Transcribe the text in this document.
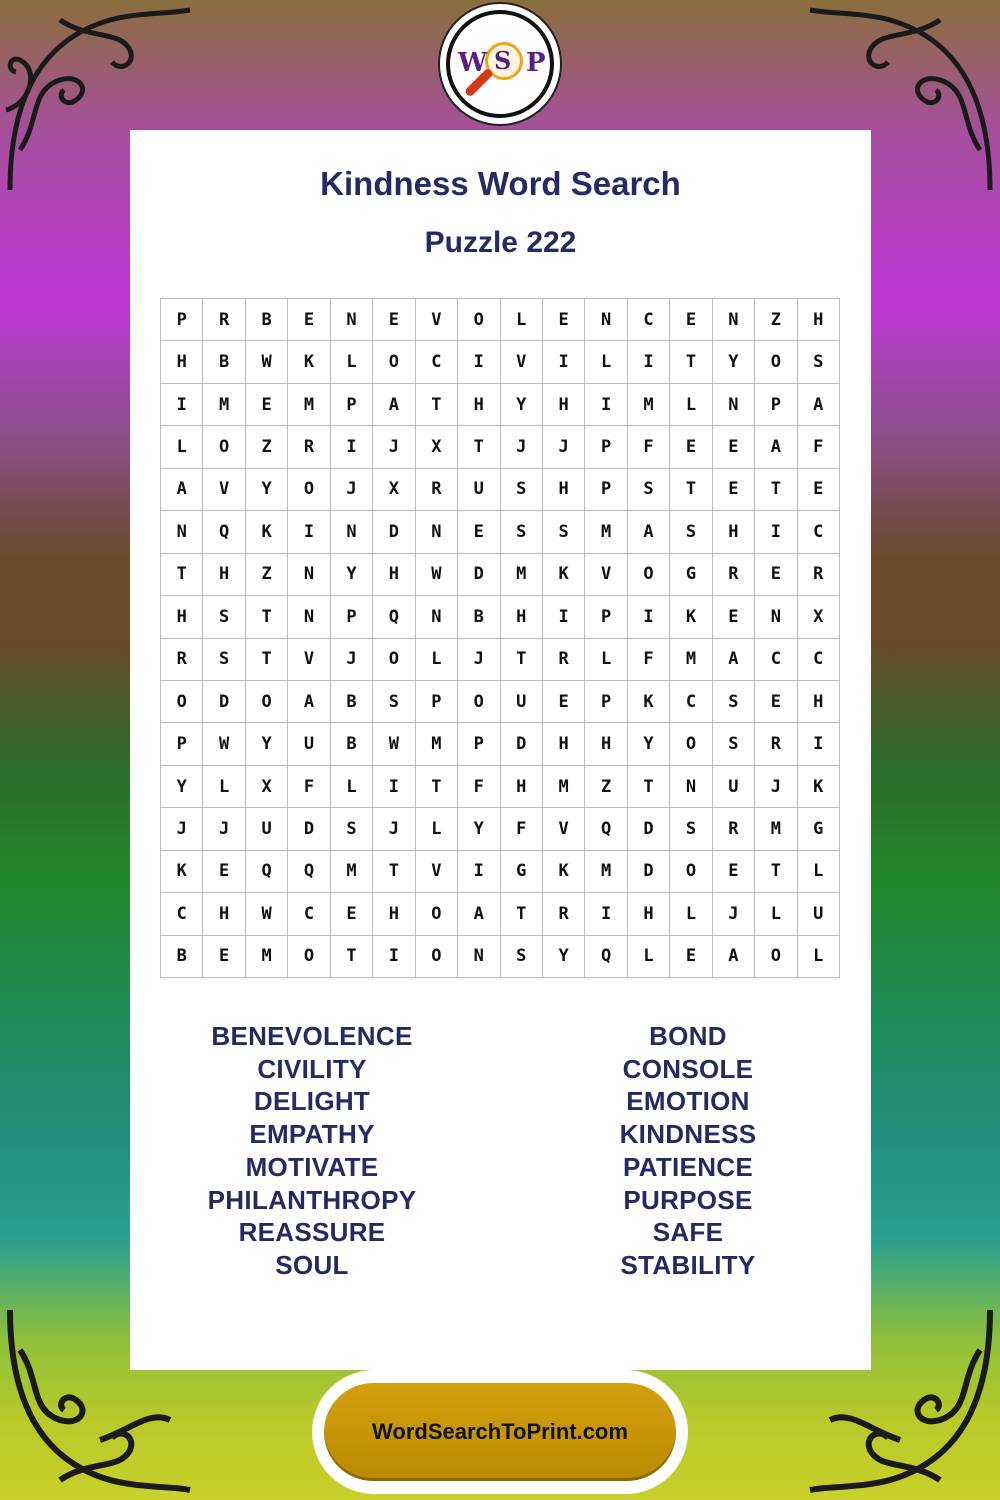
W S P
Kindness Word Search
Puzzle 222
P	R	B	E	N	E	V	O	L	E	N	C	E	N	Z	H
H	B	W	K	L	O	C	I	V	I	L	I	T	Y	O	S
I	M	E	M	P	A	T	H	Y	H	I	M	L	N	P	A
L	O	Z	R	I	J	X	T	J	J	P	F	E	E	A	F
A	V	Y	O	J	X	R	U	S	H	P	S	T	E	T	E
N	Q	K	I	N	D	N	E	S	S	M	A	S	H	I	C
T	H	Z	N	Y	H	W	D	M	K	V	O	G	R	E	R
H	S	T	N	P	Q	N	B	H	I	P	I	K	E	N	X
R	S	T	V	J	O	L	J	T	R	L	F	M	A	C	C
O	D	O	A	B	S	P	O	U	E	P	K	C	S	E	H
P	W	Y	U	B	W	M	P	D	H	H	Y	O	S	R	I
Y	L	X	F	L	I	T	F	H	M	Z	T	N	U	J	K
J	J	U	D	S	J	L	Y	F	V	Q	D	S	R	M	G
K	E	Q	Q	M	T	V	I	G	K	M	D	O	E	T	L
C	H	W	C	E	H	O	A	T	R	I	H	L	J	L	U
B	E	M	O	T	I	O	N	S	Y	Q	L	E	A	O	L
BENEVOLENCE
CIVILITY
DELIGHT
EMPATHY
MOTIVATE
PHILANTHROPY
REASSURE
SOUL
BOND
CONSOLE
EMOTION
KINDNESS
PATIENCE
PURPOSE
SAFE
STABILITY
WordSearchToPrint.com
